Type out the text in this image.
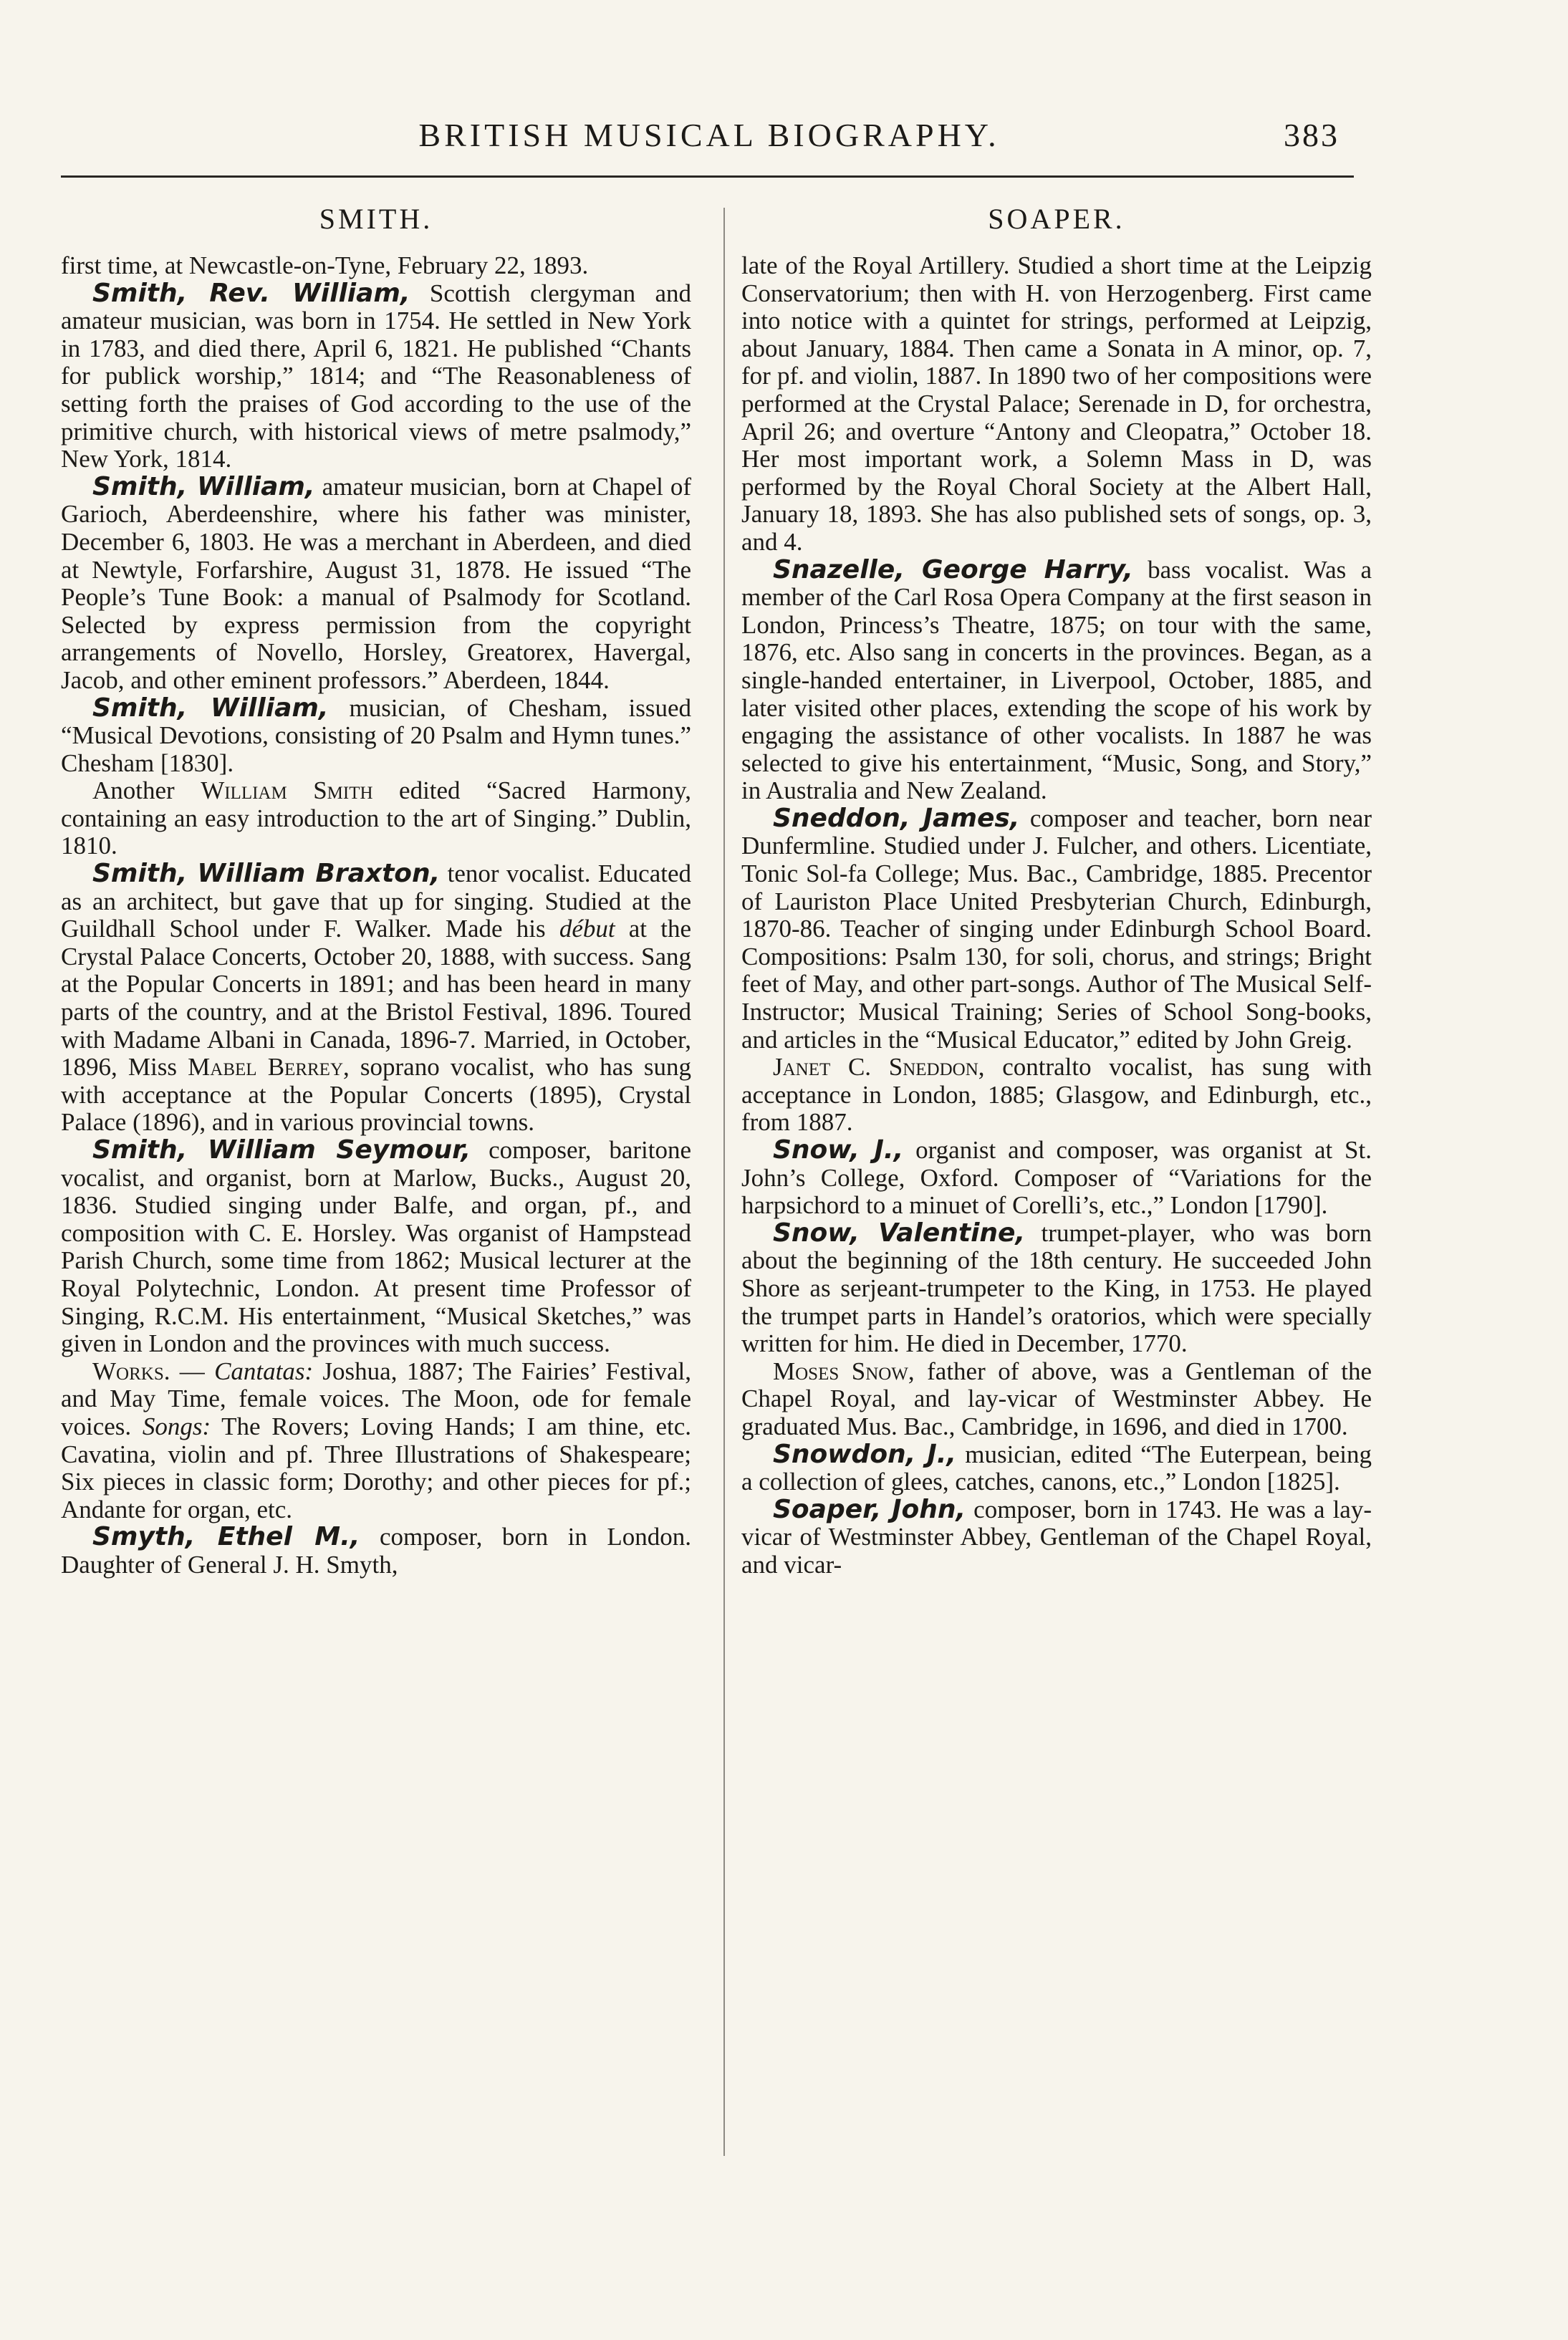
BRITISH MUSICAL BIOGRAPHY.	383
SMITH.	SOAPER.

first time, at Newcastle-on-Tyne, February 22, 1893.

Smith, Rev. William, Scottish clergyman and amateur musician, was born in 1754. He settled in New York in 1783, and died there, April 6, 1821. He published “Chants for publick worship,” 1814; and “The Reasonableness of setting forth the praises of God according to the use of the primitive church, with historical views of metre psalmody,” New York, 1814.

Smith, William, amateur musician, born at Chapel of Garioch, Aberdeenshire, where his father was minister, December 6, 1803. He was a merchant in Aberdeen, and died at Newtyle, Forfarshire, August 31, 1878. He issued “The People’s Tune Book: a manual of Psalmody for Scotland. Selected by express permission from the copyright arrangements of Novello, Horsley, Greatorex, Havergal, Jacob, and other eminent professors.” Aberdeen, 1844.

Smith, William, musician, of Chesham, issued “Musical Devotions, consisting of 20 Psalm and Hymn tunes.” Chesham [1830].

Another William Smith edited “Sacred Harmony, containing an easy introduction to the art of Singing.” Dublin, 1810.

Smith, William Braxton, tenor vocalist. Educated as an architect, but gave that up for singing. Studied at the Guildhall School under F. Walker. Made his début at the Crystal Palace Concerts, October 20, 1888, with success. Sang at the Popular Concerts in 1891; and has been heard in many parts of the country, and at the Bristol Festival, 1896. Toured with Madame Albani in Canada, 1896-7. Married, in October, 1896, Miss Mabel Berrey, soprano vocalist, who has sung with acceptance at the Popular Concerts (1895), Crystal Palace (1896), and in various provincial towns.

Smith, William Seymour, composer, baritone vocalist, and organist, born at Marlow, Bucks., August 20, 1836. Studied singing under Balfe, and organ, pf., and composition with C. E. Horsley. Was organist of Hampstead Parish Church, some time from 1862; Musical lecturer at the Royal Polytechnic, London. At present time Professor of Singing, R.C.M. His entertainment, “Musical Sketches,” was given in London and the provinces with much success.

Works. — Cantatas: Joshua, 1887; The Fairies’ Festival, and May Time, female voices. The Moon, ode for female voices. Songs: The Rovers; Loving Hands; I am thine, etc. Cavatina, violin and pf. Three Illustrations of Shakespeare; Six pieces in classic form; Dorothy; and other pieces for pf.; Andante for organ, etc.

Smyth, Ethel M., composer, born in London. Daughter of General J. H. Smyth,

late of the Royal Artillery. Studied a short time at the Leipzig Conservatorium; then with H. von Herzogenberg. First came into notice with a quintet for strings, performed at Leipzig, about January, 1884. Then came a Sonata in A minor, op. 7, for pf. and violin, 1887. In 1890 two of her compositions were performed at the Crystal Palace; Serenade in D, for orchestra, April 26; and overture “Antony and Cleopatra,” October 18. Her most important work, a Solemn Mass in D, was performed by the Royal Choral Society at the Albert Hall, January 18, 1893. She has also published sets of songs, op. 3, and 4.

Snazelle, George Harry, bass vocalist. Was a member of the Carl Rosa Opera Company at the first season in London, Princess’s Theatre, 1875; on tour with the same, 1876, etc. Also sang in concerts in the provinces. Began, as a single-handed entertainer, in Liverpool, October, 1885, and later visited other places, extending the scope of his work by engaging the assistance of other vocalists. In 1887 he was selected to give his entertainment, “Music, Song, and Story,” in Australia and New Zealand.

Sneddon, James, composer and teacher, born near Dunfermline. Studied under J. Fulcher, and others. Licentiate, Tonic Sol-fa College; Mus. Bac., Cambridge, 1885. Precentor of Lauriston Place United Presbyterian Church, Edinburgh, 1870-86. Teacher of singing under Edinburgh School Board. Compositions: Psalm 130, for soli, chorus, and strings; Bright feet of May, and other part-songs. Author of The Musical Self-Instructor; Musical Training; Series of School Song-books, and articles in the “Musical Educator,” edited by John Greig.

Janet C. Sneddon, contralto vocalist, has sung with acceptance in London, 1885; Glasgow, and Edinburgh, etc., from 1887.

Snow, J., organist and composer, was organist at St. John’s College, Oxford. Composer of “Variations for the harpsichord to a minuet of Corelli’s, etc.,” London [1790].

Snow, Valentine, trumpet-player, who was born about the beginning of the 18th century. He succeeded John Shore as serjeant-trumpeter to the King, in 1753. He played the trumpet parts in Handel’s oratorios, which were specially written for him. He died in December, 1770.

Moses Snow, father of above, was a Gentleman of the Chapel Royal, and lay-vicar of Westminster Abbey. He graduated Mus. Bac., Cambridge, in 1696, and died in 1700.

Snowdon, J., musician, edited “The Euterpean, being a collection of glees, catches, canons, etc.,” London [1825].

Soaper, John, composer, born in 1743. He was a lay-vicar of Westminster Abbey, Gentleman of the Chapel Royal, and vicar-
